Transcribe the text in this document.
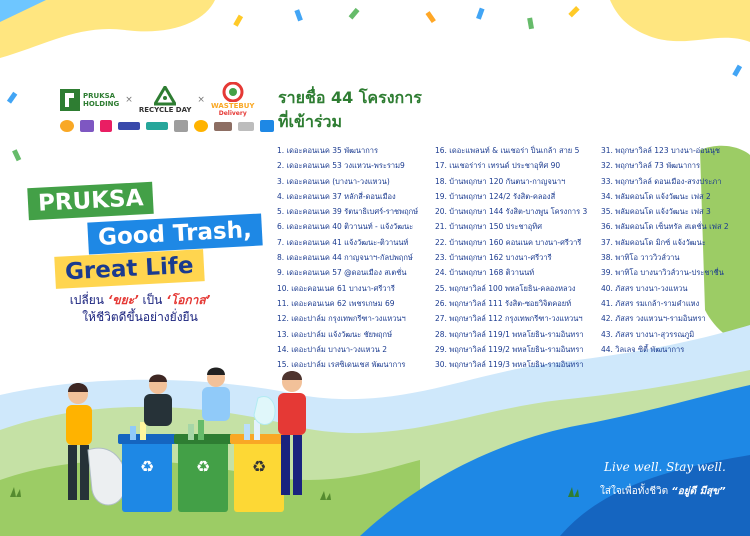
PRUKSA
HOLDING ×
RECYCLE DAY
×
WASTEBUY
Delivery
PRUKSA
Good Trash,
Great Life
เปลี่ยน ‘ขยะ’ เป็น ‘โอกาส’
ให้ชีวิตดีขึ้นอย่างยั่งยืน
รายชื่อ 44 โครงการ
ที่เข้าร่วม
1. เดอะคอนเนค 35 พัฒนาการ
2. เดอะคอนเนค 53 วงแหวน-พระราม9
3. เดอะคอนเนค (บางนา-วงแหวน)
4. เดอะคอนเนค 37 หลักสี่-ดอนเมือง
5. เดอะคอนเนค 39 รัตนาธิเบศร์-ราชพฤกษ์
6. เดอะคอนเนค 40 ติวานนท์ - แจ้งวัฒนะ
7. เดอะคอนเนค 41 แจ้งวัฒนะ-ติวานนท์
8. เดอะคอนเนค 44 กาญจนาฯ-กัลปพฤกษ์
9. เดอะคอนเนค 57 @ดอนเมือง สเตชั่น
10. เดอะคอนเนค 61 บางนา-ศรีวารี
11. เดอะคอนเนค 62 เพชรเกษม 69
12. เดอะปาล์ม กรุงเทพกรีฑา-วงแหวนฯ
13. เดอะปาล์ม แจ้งวัฒนะ ชัยพฤกษ์
14. เดอะปาล์ม บางนา-วงแหวน 2
15. เดอะปาล์ม เรสซิเดนเชส พัฒนาการ
16. เดอะแพลนท์ & เนเชอร่า ปิ่นเกล้า สาย 5
17. เนเชอร่าร่า เทรนด์ ประชาอุทิศ 90
18. บ้านพฤกษา 120 กันตนา-กาญจนาฯ
19. บ้านพฤกษา 124/2 รังสิต-คลองสี่
20. บ้านพฤกษา 144 รังสิต-บางพูน โครงการ 3
21. บ้านพฤกษา 150 ประชาอุทิศ
22. บ้านพฤกษา 160 คอนเนค บางนา-ศรีวารี
23. บ้านพฤกษา 162 บางนา-ศรีวารี
24. บ้านพฤกษา 168 ติวานนท์
25. พฤกษาวิลล์ 100 พหลโยธิน-คลองหลวง
26. พฤกษาวิลล์ 111 รังสิต-ซอยวิจิตคอยท์
27. พฤกษาวิลล์ 112 กรุงเทพกรีฑา-วงแหวนฯ
28. พฤกษาวิลล์ 119/1 พหลโยธิน-รามอินทรา
29. พฤกษาวิลล์ 119/2 พหลโยธิน-รามอินทรา
30. พฤกษาวิลล์ 119/3 พหลโยธิน-รามอินทรา
31. พฤกษาวิลล์ 123 บางนา-อ่อนนุช
32. พฤกษาวิลล์ 73 พัฒนาการ
33. พฤกษาวิลล์ ดอนเมือง-สรงประภา
34. พลัมคอนโด แจ้งวัฒนะ เฟส 2
35. พลัมคอนโด แจ้งวัฒนะ เฟส 3
36. พลัมคอนโด เซ็นทรัล สเตชั่น เฟส 2
37. พลัมคอนโด มิกซ์ แจ้งวัฒนะ
38. พาทิโอ วาววิวส์วาน
39. พาทิโอ บางนาวิวส์วาน-ประชาชื่น
40. ภัสสร บางนา-วงแหวน
41. ภัสสร รมเกล้า-รามคำแหง
42. ภัสสร วงแหวนฯ-รามอินทรา
43. ภัสสร บางนา-สุวรรณภูมิ
44. วิลเลจ ซิตี้ พัฒนาการ
♻	♻	♻	Live well. Stay well.
ใส่ใจเพื่อทั้งชีวิต “อยู่ดี มีสุข”
